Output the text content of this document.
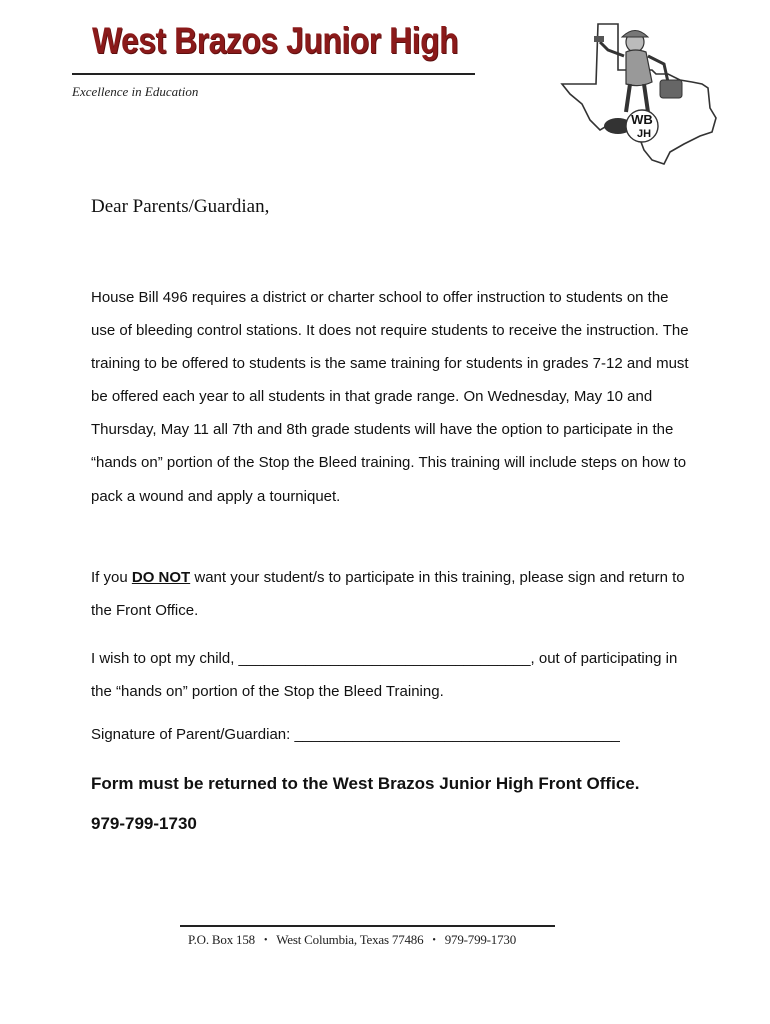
West Brazos Junior High
Excellence in Education
WB
JH
Dear Parents/Guardian,
House Bill 496 requires a district or charter school to offer instruction to students on the use of bleeding control stations. It does not require students to receive the instruction. The training to be offered to students is the same training for students in grades 7-12 and must be offered each year to all students in that grade range. On Wednesday, May 10 and Thursday, May 11 all 7th and 8th grade students will have the option to participate in the “hands on” portion of the Stop the Bleed training. This training will include steps on how to pack a wound and apply a tourniquet.
If you DO NOT want your student/s to participate in this training, please sign and return to the Front Office.
I wish to opt my child, ___________________________________, out of participating in the “hands on” portion of the Stop the Bleed Training.
Signature of Parent/Guardian: _______________________________________
Form must be returned to the West Brazos Junior High Front Office.
979-799-1730
P.O. Box 158 • West Columbia, Texas 77486 • 979-799-1730
